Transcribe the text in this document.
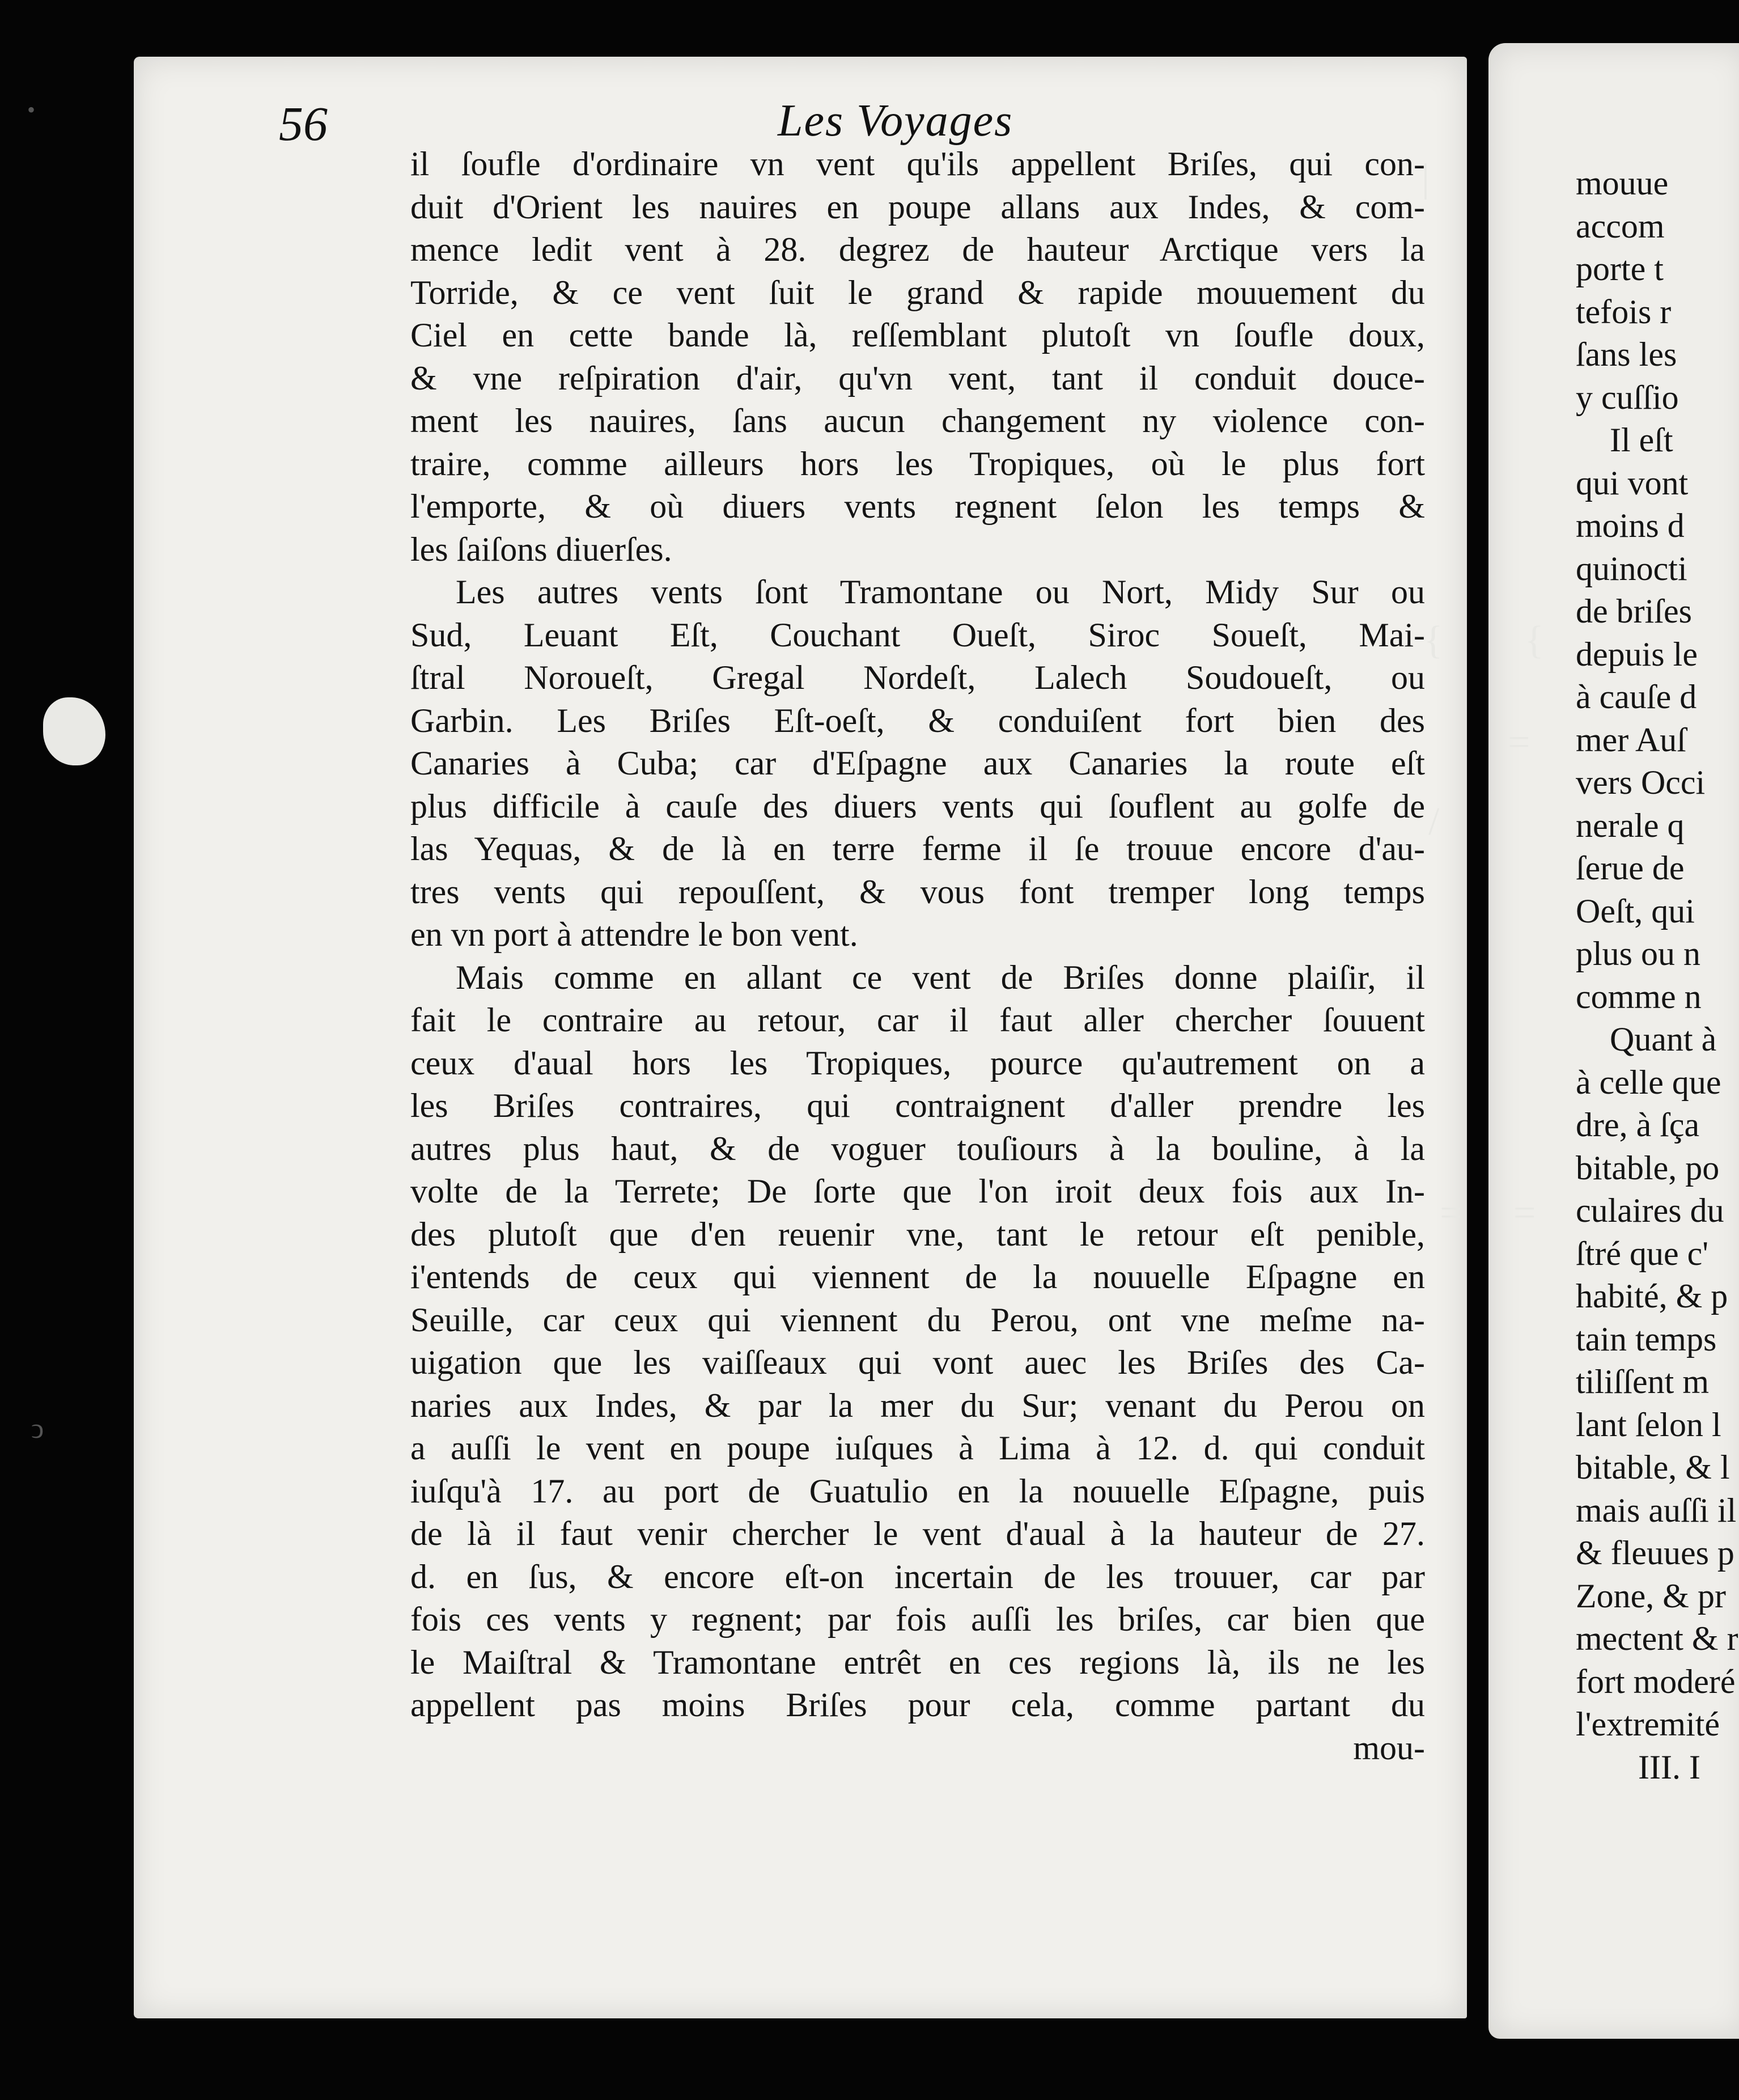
56	Les Voyages
il ſoufle d'ordinaire vn vent qu'ils appellent Briſes, qui con-
duit d'Orient les nauires en poupe allans aux Indes, & com-
mence ledit vent à 28. degrez de hauteur Arctique vers la
Torride, & ce vent ſuit le grand & rapide mouuement du
Ciel en cette bande là, reſſemblant plutoſt vn ſoufle doux,
& vne reſpiration d'air, qu'vn vent, tant il conduit douce-
ment les nauires, ſans aucun changement ny violence con-
traire, comme ailleurs hors les Tropiques, où le plus fort
l'emporte, & où diuers vents regnent ſelon les temps &
les ſaiſons diuerſes.
Les autres vents ſont Tramontane ou Nort, Midy Sur ou
Sud, Leuant Eſt, Couchant Oueſt, Siroc Soueſt, Mai-
ſtral Noroueſt, Gregal Nordeſt, Lalech Soudoueſt, ou
Garbin. Les Briſes Eſt-oeſt, & conduiſent fort bien des
Canaries à Cuba; car d'Eſpagne aux Canaries la route eſt
plus difficile à cauſe des diuers vents qui ſouflent au golfe de
las Yequas, & de là en terre ferme il ſe trouue encore d'au-
tres vents qui repouſſent, & vous font tremper long temps
en vn port à attendre le bon vent.
Mais comme en allant ce vent de Briſes donne plaiſir, il
fait le contraire au retour, car il faut aller chercher ſouuent
ceux d'aual hors les Tropiques, pource qu'autrement on a
les Briſes contraires, qui contraignent d'aller prendre les
autres plus haut, & de voguer touſiours à la bouline, à la
volte de la Terrete; De ſorte que l'on iroit deux fois aux In-
des plutoſt que d'en reuenir vne, tant le retour eſt penible,
i'entends de ceux qui viennent de la nouuelle Eſpagne en
Seuille, car ceux qui viennent du Perou, ont vne meſme na-
uigation que les vaiſſeaux qui vont auec les Briſes des Ca-
naries aux Indes, & par la mer du Sur; venant du Perou on
a auſſi le vent en poupe iuſques à Lima à 12. d. qui conduit
iuſqu'à 17. au port de Guatulio en la nouuelle Eſpagne, puis
de là il faut venir chercher le vent d'aual à la hauteur de 27.
d. en ſus, & encore eſt-on incertain de les trouuer, car par
fois ces vents y regnent; par fois auſſi les briſes, car bien que
le Maiſtral & Tramontane entrêt en ces regions là, ils ne les
appellent pas moins Briſes pour cela, comme partant du
mou-
mouue
accom
porte t
tefois r
ſans les
y cuſſio
Il eſt
qui vont
moins d
quinocti
de briſes
depuis le
à cauſe d
mer Auſ
vers Occi
nerale q
ſerue de
Oeſt, qui
plus ou n
comme n
Quant à
à celle que
dre, à ſça
bitable, po
culaires du
ſtré que c'
habité, & p
tain temps
tiliſſent m
lant ſelon l
bitable, & l
mais auſſi il
& fleuues p
Zone, & pr
mectent & r
fort moderé
l'extremité
III. I
|
{ {
=
/
= =
•
ↄ
